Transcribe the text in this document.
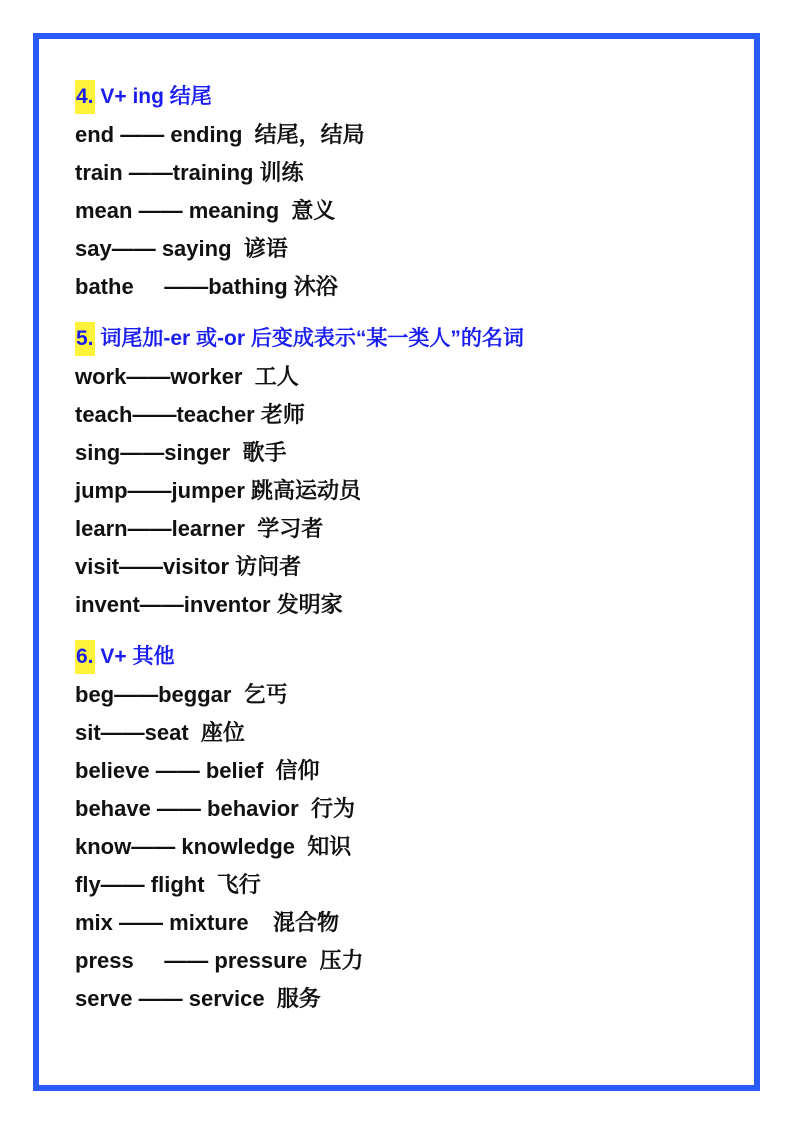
4. V+ ing 结尾
end —— ending  结尾，结局
train ——training 训练
mean —— meaning  意义
say—— saying  谚语
bathe     ——bathing 沐浴
5. 词尾加-er 或-or 后变成表示“某一类人”的名词
work——worker  工人
teach——teacher 老师
sing——singer  歌手
jump——jumper 跳高运动员
learn——learner  学习者
visit——visitor 访问者
invent——inventor 发明家
6. V+ 其他
beg——beggar  乞丐
sit——seat  座位
believe —— belief  信仰
behave —— behavior  行为
know—— knowledge  知识
fly—— flight  飞行
mix —— mixture    混合物
press     —— pressure  压力
serve —— service  服务
